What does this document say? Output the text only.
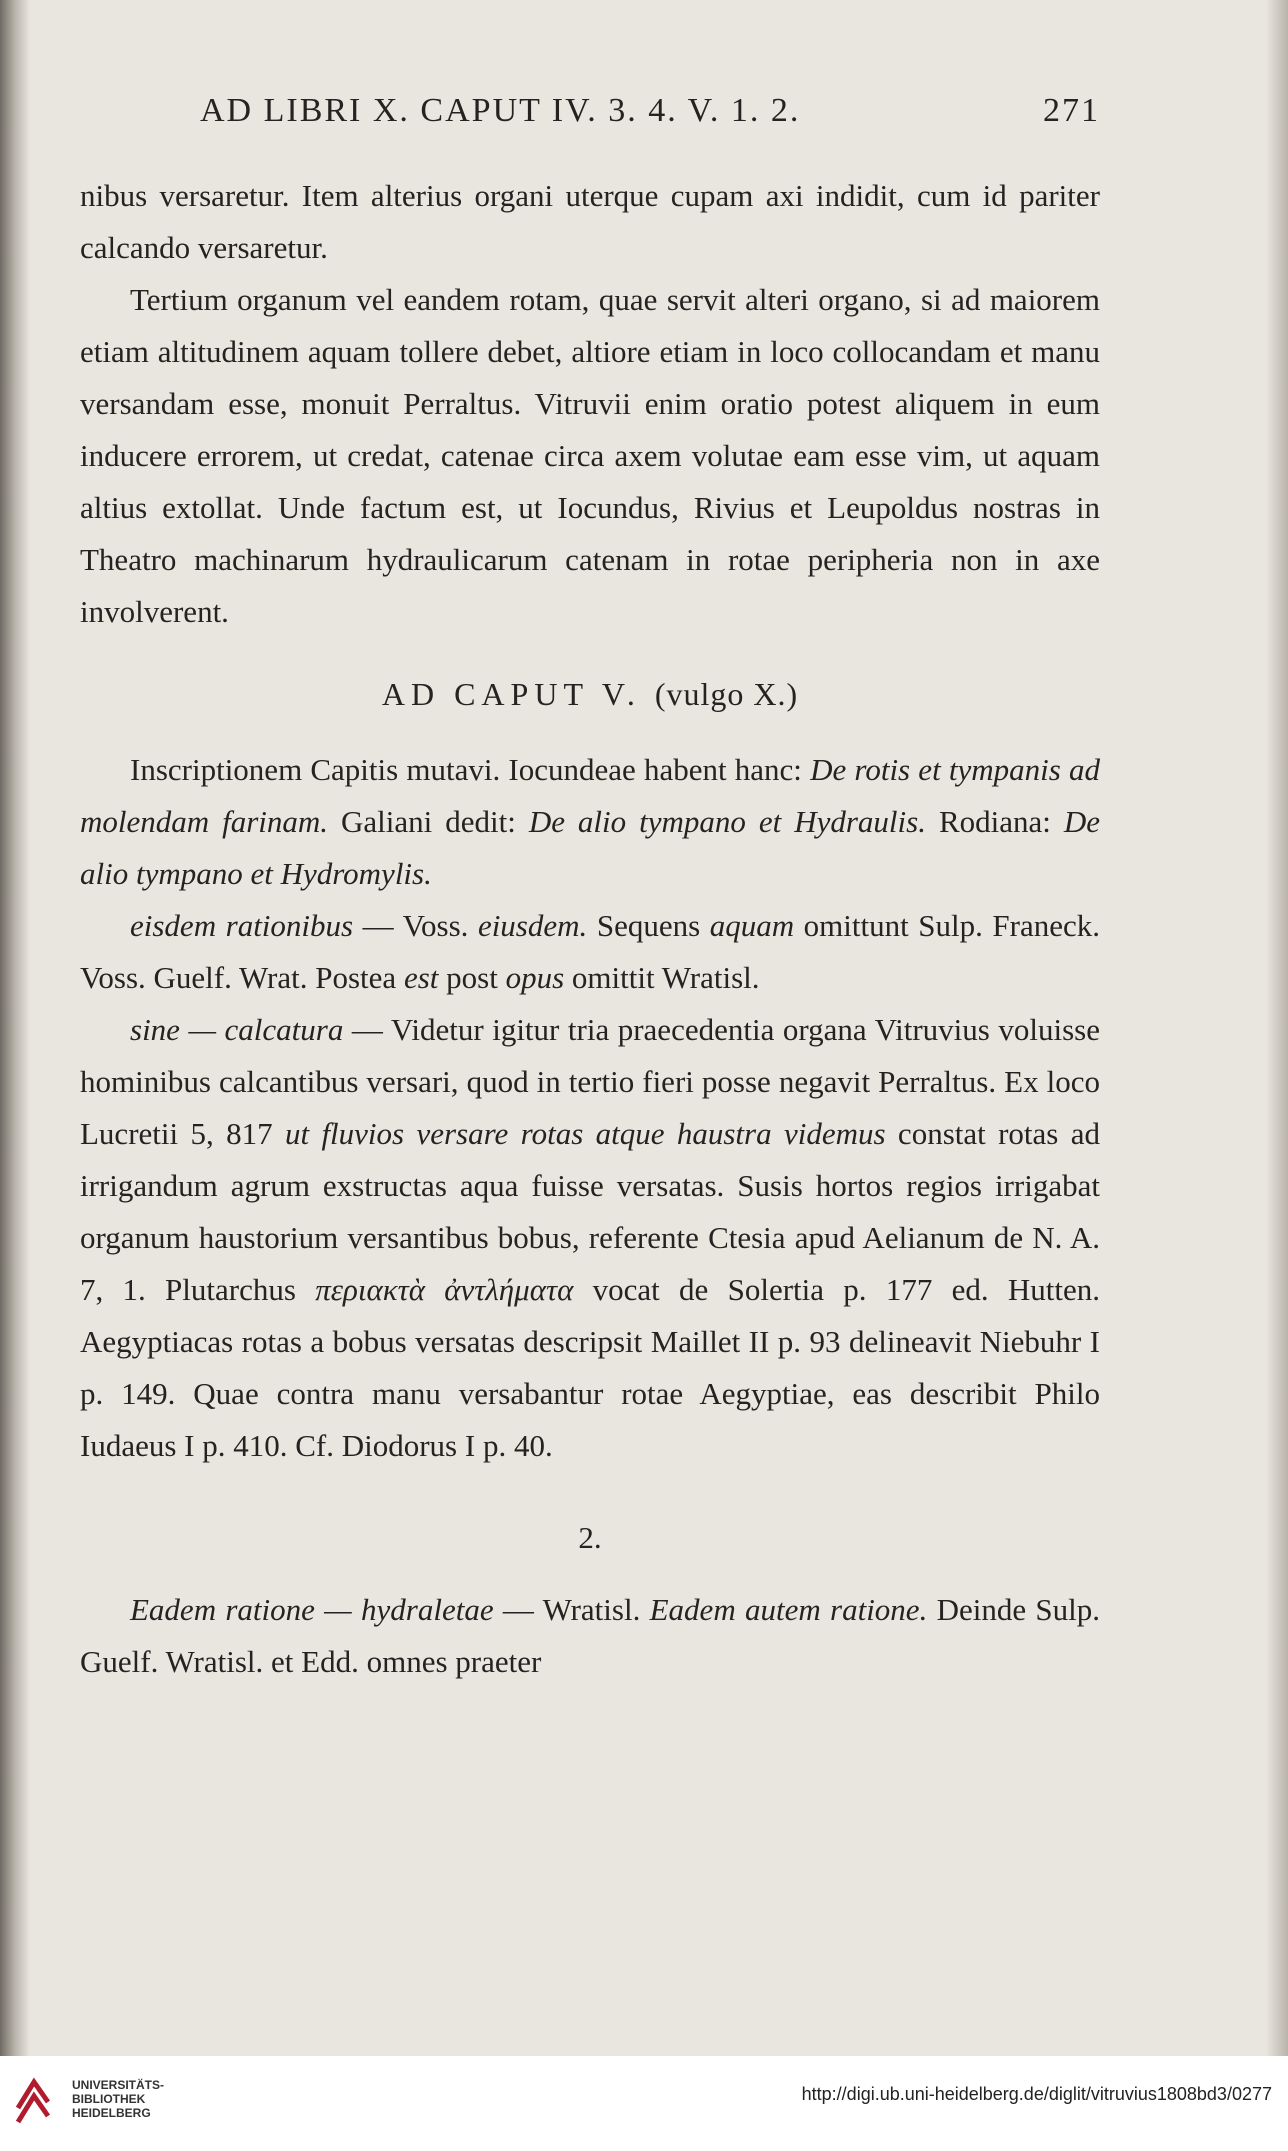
AD LIBRI X. CAPUT IV. 3. 4. V. 1. 2.	271

nibus versaretur. Item alterius organi uterque cupam axi indidit, cum id pariter calcando versaretur.

Tertium organum vel eandem rotam, quae servit alteri organo, si ad maiorem etiam altitudinem aquam tollere debet, altiore etiam in loco collocandam et manu versandam esse, monuit Perraltus. Vitruvii enim oratio potest aliquem in eum inducere errorem, ut credat, catenae circa axem volutae eam esse vim, ut aquam altius extollat. Unde factum est, ut Iocundus, Rivius et Leupoldus nostras in Theatro machinarum hydraulicarum catenam in rotae peripheria non in axe involverent.

AD CAPUT V. (vulgo X.)

Inscriptionem Capitis mutavi. Iocundeae habent hanc: De rotis et tympanis ad molendam farinam. Galiani dedit: De alio tympano et Hydraulis. Rodiana: De alio tympano et Hydromylis.

eisdem rationibus — Voss. eiusdem. Sequens aquam omittunt Sulp. Franeck. Voss. Guelf. Wrat. Postea est post opus omittit Wratisl.

sine — calcatura — Videtur igitur tria praecedentia organa Vitruvius voluisse hominibus calcantibus versari, quod in tertio fieri posse negavit Perraltus. Ex loco Lucretii 5, 817 ut fluvios versare rotas atque haustra videmus constat rotas ad irrigandum agrum exstructas aqua fuisse versatas. Susis hortos regios irrigabat organum haustorium versantibus bobus, referente Ctesia apud Aelianum de N. A. 7, 1. Plutarchus περιακτὰ ἀντλήματα vocat de Solertia p. 177 ed. Hutten. Aegyptiacas rotas a bobus versatas descripsit Maillet II p. 93 delineavit Niebuhr I p. 149. Quae contra manu versabantur rotae Aegyptiae, eas describit Philo Iudaeus I p. 410. Cf. Diodorus I p. 40.

2.

Eadem ratione — hydraletae — Wratisl. Eadem autem ratione. Deinde Sulp. Guelf. Wratisl. et Edd. omnes praeter

UNIVERSITÄTS-
BIBLIOTHEK
HEIDELBERG
http://digi.ub.uni-heidelberg.de/diglit/vitruvius1808bd3/0277
